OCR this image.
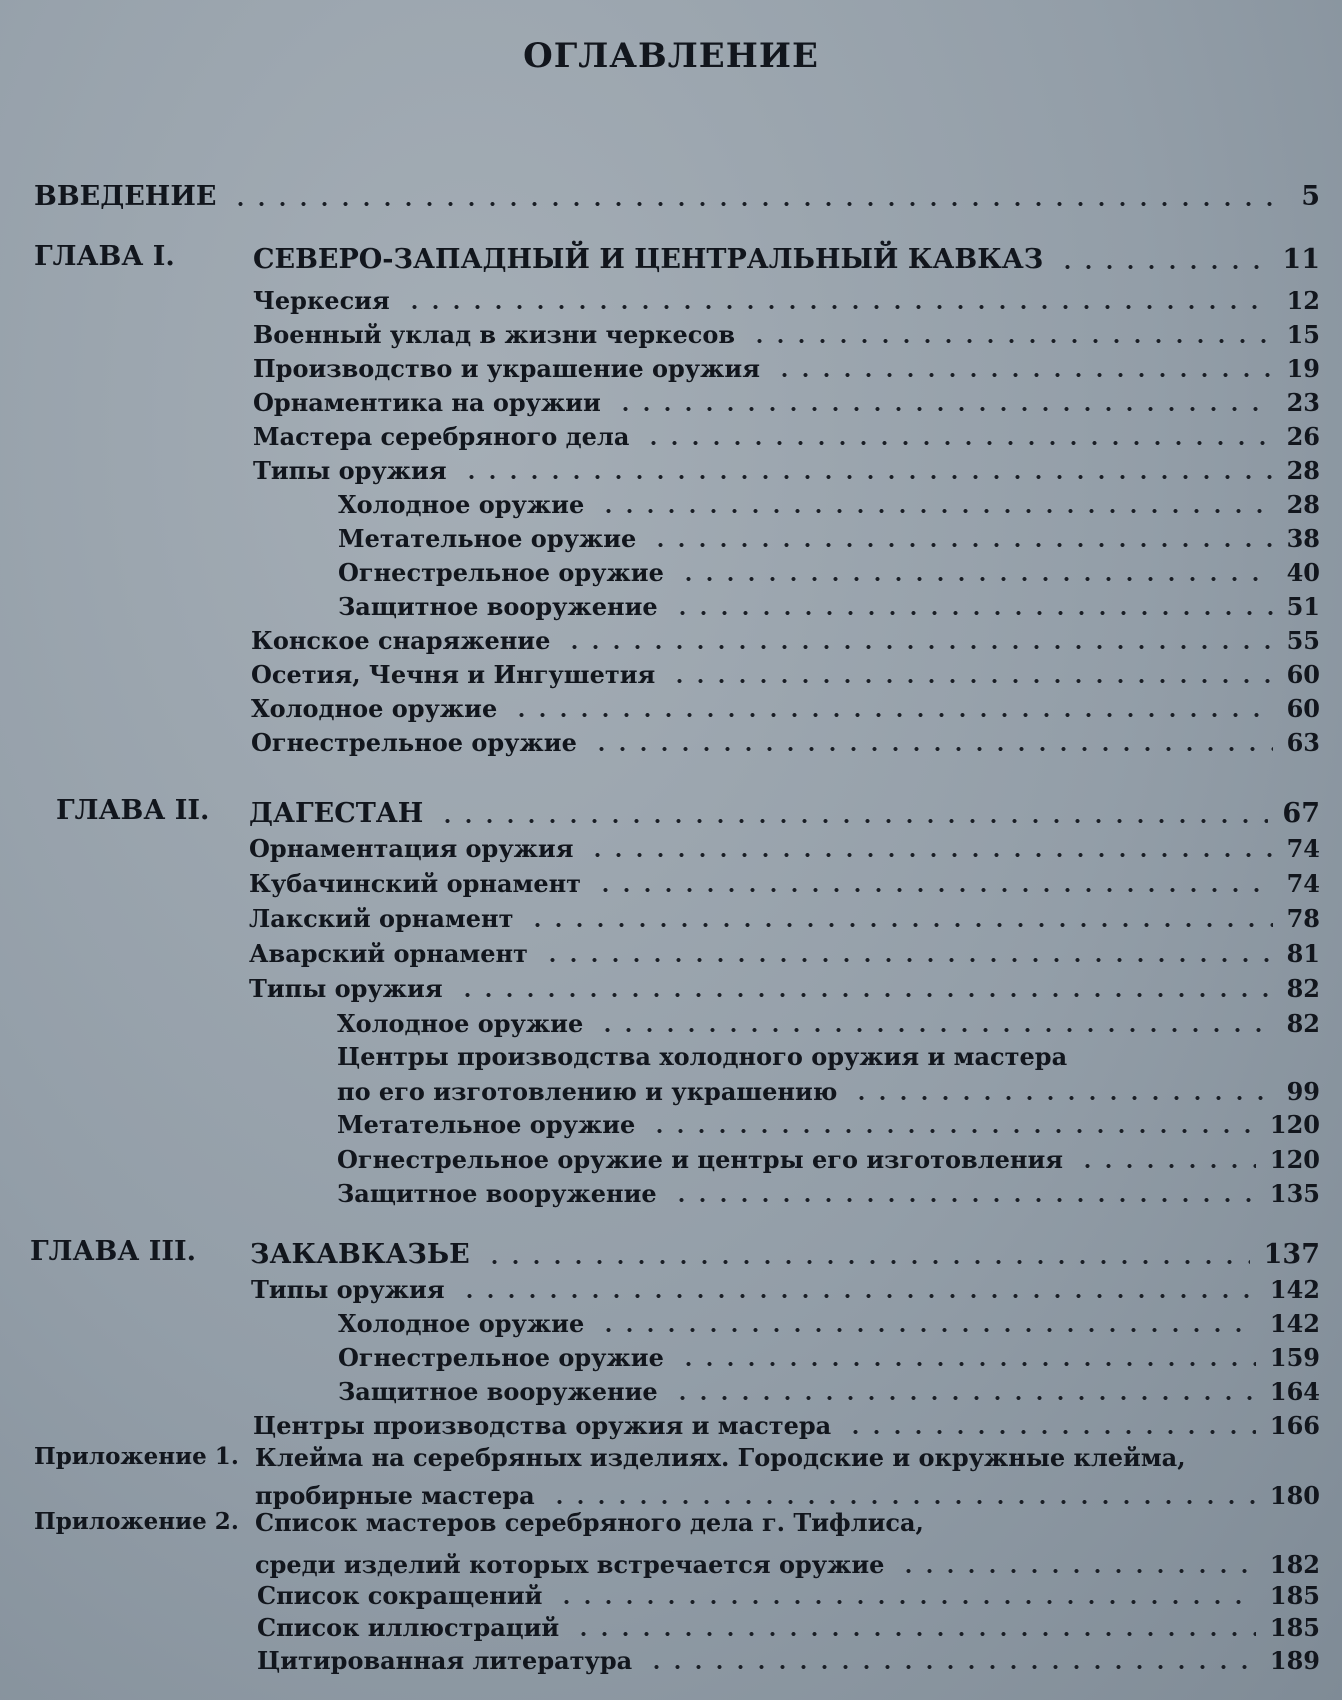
ОГЛАВЛЕНИЕ
ВВЕДЕНИЕ	5
ГЛАВА I.	СЕВЕРО-ЗАПАДНЫЙ И ЦЕНТРАЛЬНЫЙ КАВКАЗ	11
Черкесия	12
Военный уклад в жизни черкесов	15
Производство и украшение оружия	19
Орнаментика на оружии	23
Мастера серебряного дела	26
Типы оружия	28
Холодное оружие	28
Метательное оружие	38
Огнестрельное оружие	40
Защитное вооружение	51
Конское снаряжение	55
Осетия, Чечня и Ингушетия	60
Холодное оружие	60
Огнестрельное оружие	63
ГЛАВА II. ДАГЕСТАН	67
Орнаментация оружия	74
Кубачинский орнамент	74
Лакский орнамент	78
Аварский орнамент	81
Типы оружия	82
Холодное оружие	82
Центры производства холодного оружия и мастера
по его изготовлению и украшению	99
Метательное оружие	120
Огнестрельное оружие и центры его изготовления	120
Защитное вооружение	135
ГЛАВА III. ЗАКАВКАЗЬЕ	137
Типы оружия	142
Холодное оружие	142
Огнестрельное оружие	159
Защитное вооружение	164
Центры производства оружия и мастера	166
Приложение 1. Клейма на серебряных изделиях. Городские и окружные клейма,
пробирные мастера	180
Приложение 2. Список мастеров серебряного дела г. Тифлиса,
среди изделий которых встречается оружие	182
Список сокращений	185
Список иллюстраций	185
Цитированная литература	189
